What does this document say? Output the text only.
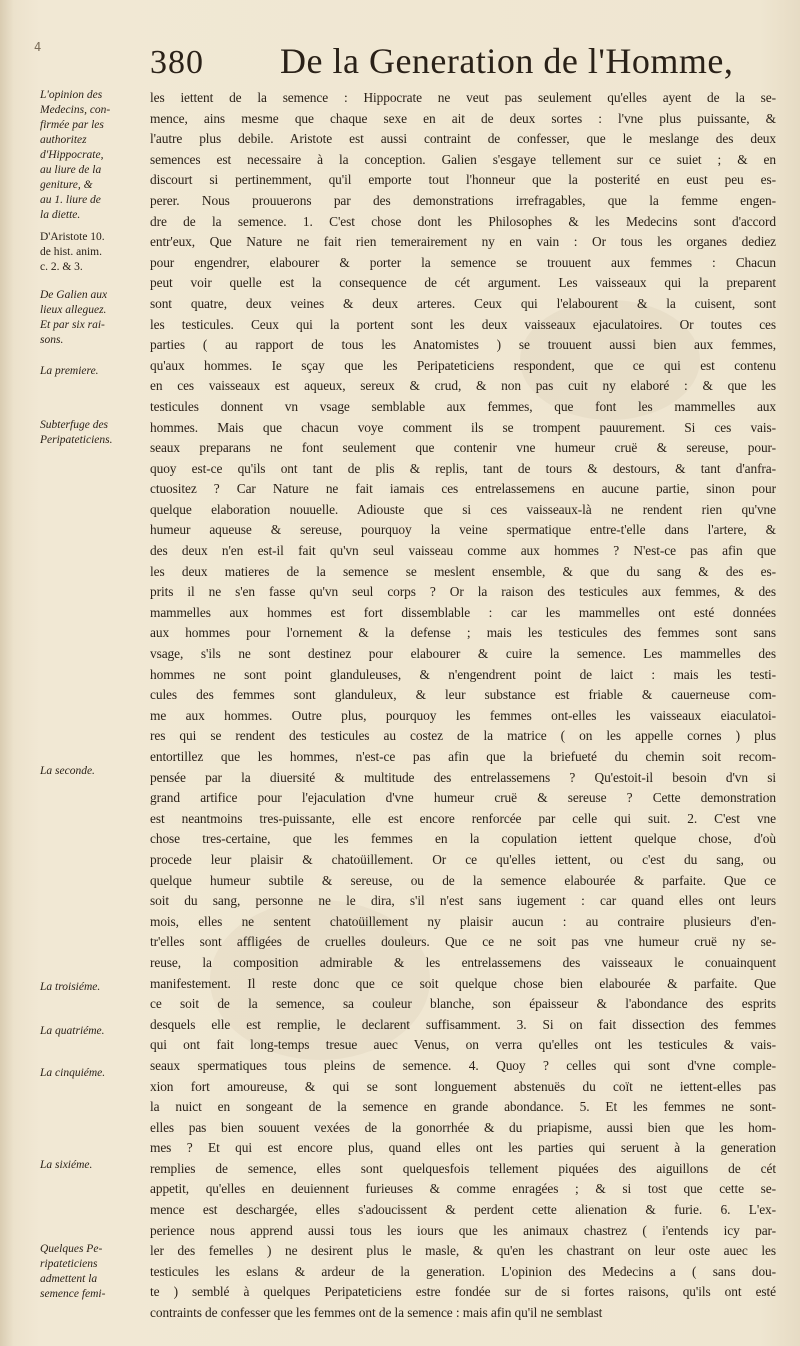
4	380 De la Generation de l'Homme,
L'opinion des
Medecins, con-
firmée par les
authoritez
d'Hippocrate,
au liure de la
geniture, &
au 1. liure de
la diette.
D'Aristote 10.
de hist. anim.
c. 2. & 3.
De Galien aux
lieux alleguez.
Et par six rai-
sons.
La premiere.
Subterfuge des
Peripateticiens.
La seconde.
La troisiéme.
La quatriéme.
La cinquiéme.
La sixiéme.
Quelques Pe-
ripateticiens
admettent la
semence femi-
les iettent de la semence : Hippocrate ne veut pas seulement qu'elles ayent de la se-
mence, ains mesme que chaque sexe en ait de deux sortes : l'vne plus puissante, &
l'autre plus debile. Aristote est aussi contraint de confesser, que le meslange des deux
semences est necessaire à la conception. Galien s'esgaye tellement sur ce suiet ; & en
discourt si pertinemment, qu'il emporte tout l'honneur que la posterité en eust peu es-
perer. Nous prouuerons par des demonstrations irrefragables, que la femme engen-
dre de la semence. 1. C'est chose dont les Philosophes & les Medecins sont d'accord
entr'eux, Que Nature ne fait rien temerairement ny en vain : Or tous les organes dediez
pour engendrer, elabourer & porter la semence se trouuent aux femmes : Chacun
peut voir quelle est la consequence de cét argument. Les vaisseaux qui la preparent
sont quatre, deux veines & deux arteres. Ceux qui l'elabourent & la cuisent, sont
les testicules. Ceux qui la portent sont les deux vaisseaux ejaculatoires. Or toutes ces
parties ( au rapport de tous les Anatomistes ) se trouuent aussi bien aux femmes,
qu'aux hommes. Ie sçay que les Peripateticiens respondent, que ce qui est contenu
en ces vaisseaux est aqueux, sereux & crud, & non pas cuit ny elaboré : & que les
testicules donnent vn vsage semblable aux femmes, que font les mammelles aux
hommes. Mais que chacun voye comment ils se trompent pauurement. Si ces vais-
seaux preparans ne font seulement que contenir vne humeur cruë & sereuse, pour-
quoy est-ce qu'ils ont tant de plis & replis, tant de tours & destours, & tant d'anfra-
ctuositez ? Car Nature ne fait iamais ces entrelassemens en aucune partie, sinon pour
quelque elaboration nouuelle. Adiouste que si ces vaisseaux-là ne rendent rien qu'vne
humeur aqueuse & sereuse, pourquoy la veine spermatique entre-t'elle dans l'artere, &
des deux n'en est-il fait qu'vn seul vaisseau comme aux hommes ? N'est-ce pas afin que
les deux matieres de la semence se meslent ensemble, & que du sang & des es-
prits il ne s'en fasse qu'vn seul corps ? Or la raison des testicules aux femmes, & des
mammelles aux hommes est fort dissemblable : car les mammelles ont esté données
aux hommes pour l'ornement & la defense ; mais les testicules des femmes sont sans
vsage, s'ils ne sont destinez pour elabourer & cuire la semence. Les mammelles des
hommes ne sont point glanduleuses, & n'engendrent point de laict : mais les testi-
cules des femmes sont glanduleux, & leur substance est friable & cauerneuse com-
me aux hommes. Outre plus, pourquoy les femmes ont-elles les vaisseaux eiaculatoi-
res qui se rendent des testicules au costez de la matrice ( on les appelle cornes ) plus
entortillez que les hommes, n'est-ce pas afin que la briefueté du chemin soit recom-
pensée par la diuersité & multitude des entrelassemens ? Qu'estoit-il besoin d'vn si
grand artifice pour l'ejaculation d'vne humeur cruë & sereuse ? Cette demonstration
est neantmoins tres-puissante, elle est encore renforcée par celle qui suit. 2. C'est vne
chose tres-certaine, que les femmes en la copulation iettent quelque chose, d'où
procede leur plaisir & chatoüillement. Or ce qu'elles iettent, ou c'est du sang, ou
quelque humeur subtile & sereuse, ou de la semence elabourée & parfaite. Que ce
soit du sang, personne ne le dira, s'il n'est sans iugement : car quand elles ont leurs
mois, elles ne sentent chatoüillement ny plaisir aucun : au contraire plusieurs d'en-
tr'elles sont affligées de cruelles douleurs. Que ce ne soit pas vne humeur cruë ny se-
reuse, la composition admirable & les entrelassemens des vaisseaux le conuainquent
manifestement. Il reste donc que ce soit quelque chose bien elabourée & parfaite. Que
ce soit de la semence, sa couleur blanche, son épaisseur & l'abondance des esprits
desquels elle est remplie, le declarent suffisamment. 3. Si on fait dissection des femmes
qui ont fait long-temps tresue auec Venus, on verra qu'elles ont les testicules & vais-
seaux spermatiques tous pleins de semence. 4. Quoy ? celles qui sont d'vne comple-
xion fort amoureuse, & qui se sont longuement abstenuës du coït ne iettent-elles pas
la nuict en songeant de la semence en grande abondance. 5. Et les femmes ne sont-
elles pas bien souuent vexées de la gonorrhée & du priapisme, aussi bien que les hom-
mes ? Et qui est encore plus, quand elles ont les parties qui seruent à la generation
remplies de semence, elles sont quelquesfois tellement piquées des aiguillons de cét
appetit, qu'elles en deuiennent furieuses & comme enragées ; & si tost que cette se-
mence est deschargée, elles s'adoucissent & perdent cette alienation & furie. 6. L'ex-
perience nous apprend aussi tous les iours que les animaux chastrez ( i'entends icy par-
ler des femelles ) ne desirent plus le masle, & qu'en les chastrant on leur oste auec les
testicules les eslans & ardeur de la generation. L'opinion des Medecins a ( sans dou-
te ) semblé à quelques Peripateticiens estre fondée sur de si fortes raisons, qu'ils ont esté
contraints de confesser que les femmes ont de la semence : mais afin qu'il ne semblast
